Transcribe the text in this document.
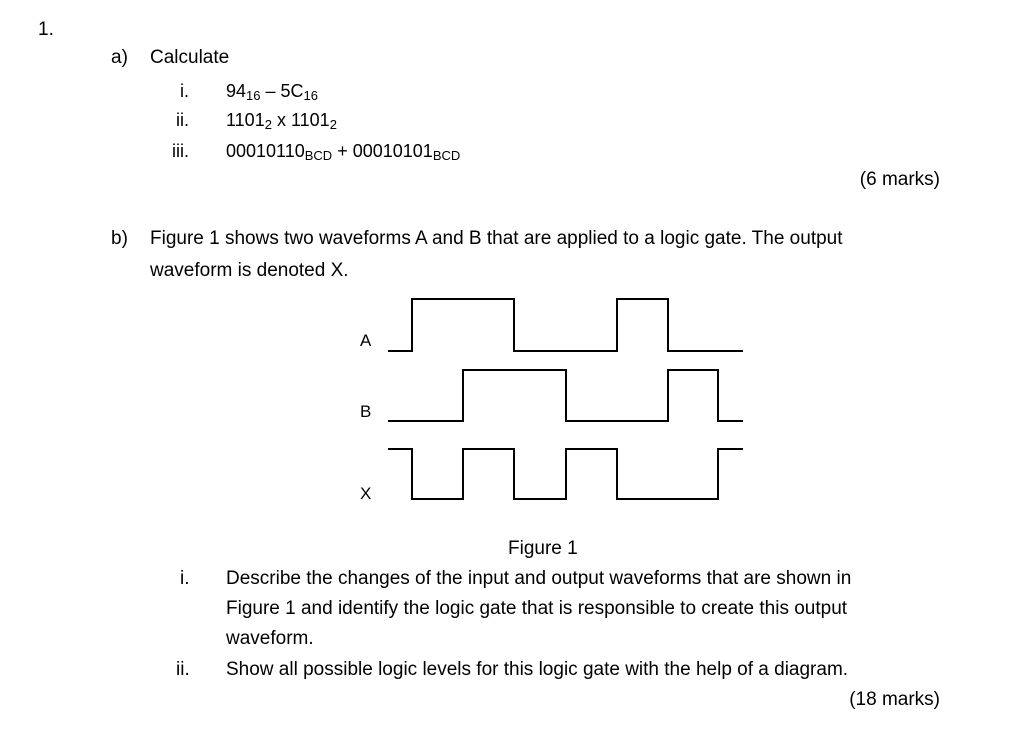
1.
a) Calculate
i. $94_{16} - 5C_{16}$
ii. $1101_2$ x $1101_2$
iii. $00010110_{BCD} + 00010101_{BCD}$
(6 marks)
b) Figure 1 shows two waveforms A and B that are applied to a logic gate. The output
waveform is denoted X.
A
B
X
Figure 1
i. Describe the changes of the input and output waveforms that are shown in
Figure 1 and identify the logic gate that is responsible to create this output
waveform.
ii. Show all possible logic levels for this logic gate with the help of a diagram.
(18 marks)
